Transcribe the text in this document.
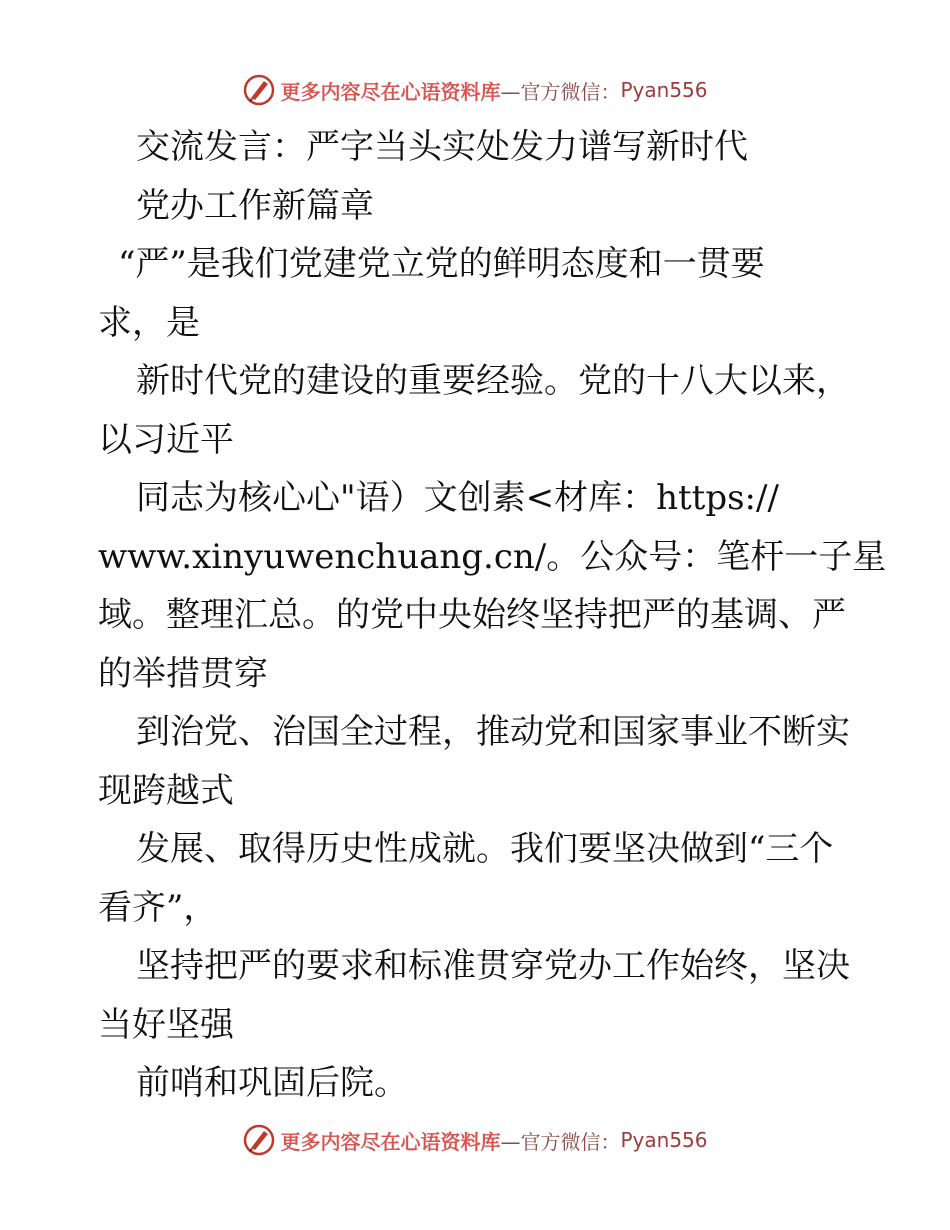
更多内容尽在心语资料库 —官方微信： Pyan556
交流发言：严字当头实处发力谱写新时代
党办工作新篇章
“严”是我们党建党立党的鲜明态度和一贯要
求，是
新时代党的建设的重要经验。党的十八大以来，
以习近平
同志为核心心"语）文创素<材库：https://
www.xinyuwenchuang.cn/。公众号：笔杆一子星
域。整理汇总。的党中央始终坚持把严的基调、严
的举措贯穿
到治党、治国全过程，推动党和国家事业不断实
现跨越式
发展、取得历史性成就。我们要坚决做到“三个
看齐”，
坚持把严的要求和标准贯穿党办工作始终，坚决
当好坚强
前哨和巩固后院。
更多内容尽在心语资料库 —官方微信： Pyan556
